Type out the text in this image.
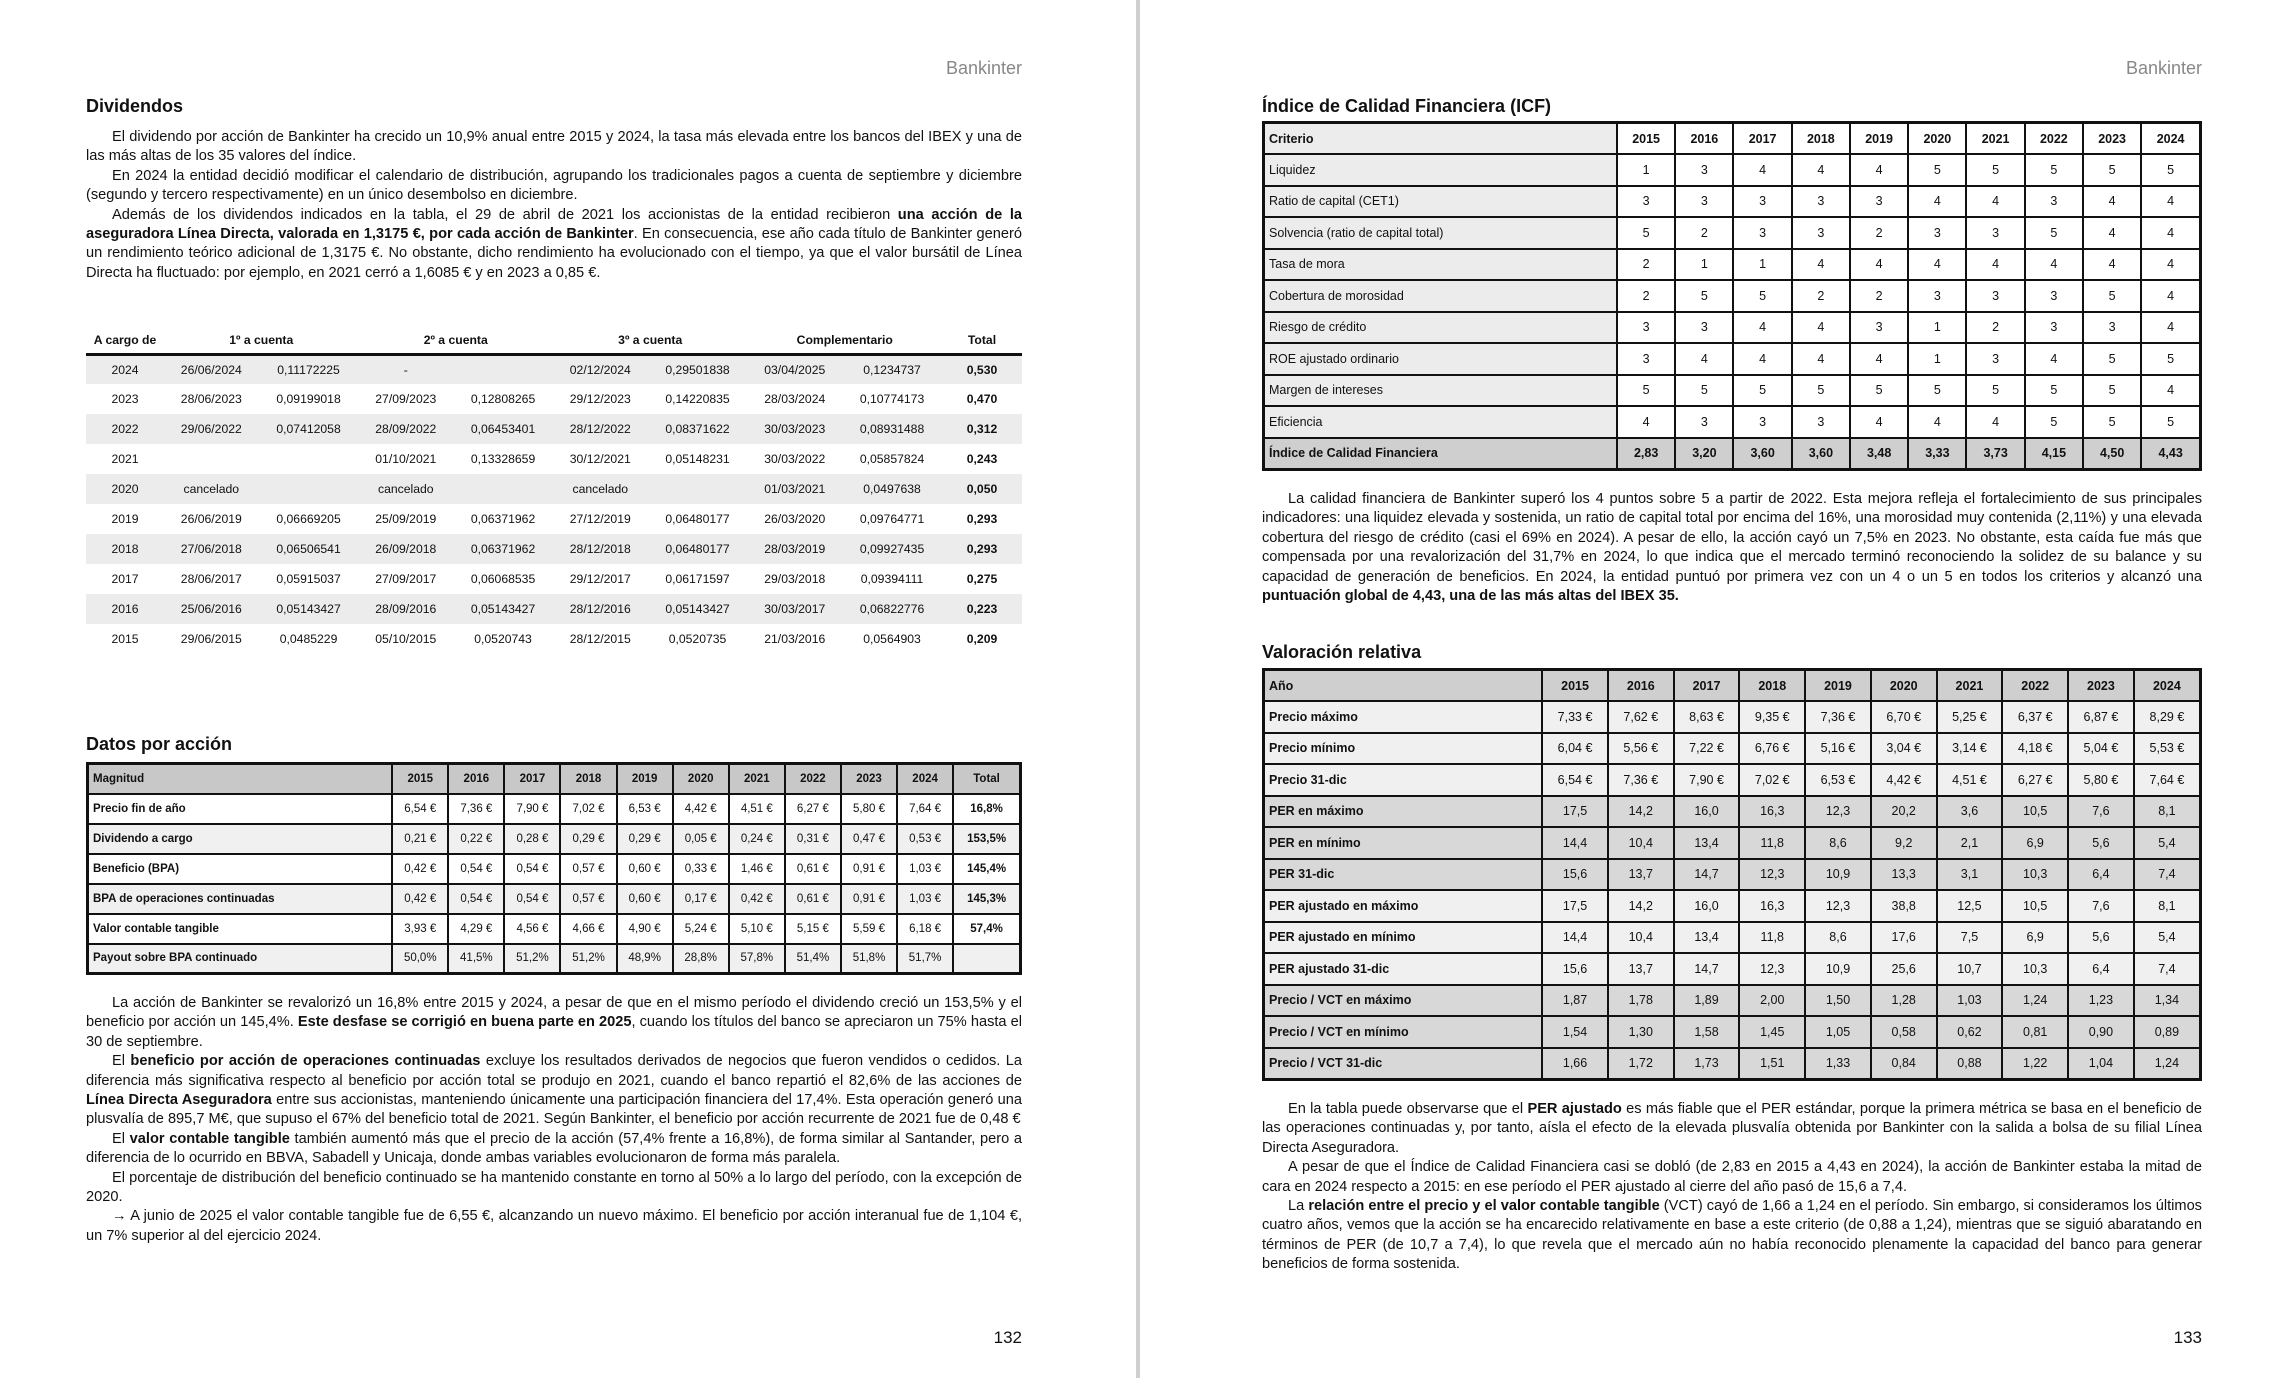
Bankinter
Dividendos

El dividendo por acción de Bankinter ha crecido un 10,9% anual entre 2015 y 2024, la tasa más elevada entre los bancos del IBEX y una de las más altas de los 35 valores del índice.

En 2024 la entidad decidió modificar el calendario de distribución, agrupando los tradicionales pagos a cuenta de septiembre y diciembre (segundo y tercero respectivamente) en un único desembolso en diciembre.

Además de los dividendos indicados en la tabla, el 29 de abril de 2021 los accionistas de la entidad recibieron una acción de la aseguradora Línea Directa, valorada en 1,3175 €, por cada acción de Bankinter. En consecuencia, ese año cada título de Bankinter generó un rendimiento teórico adicional de 1,3175 €. No obstante, dicho rendimiento ha evolucionado con el tiempo, ya que el valor bursátil de Línea Directa ha fluctuado: por ejemplo, en 2021 cerró a 1,6085 € y en 2023 a 0,85 €.

A cargo de	1º a cuenta		2º a cuenta		3º a cuenta		Complementario		Total
2024	26/06/2024	0,11172225	-		02/12/2024	0,29501838	03/04/2025	0,1234737	0,530
2023	28/06/2023	0,09199018	27/09/2023	0,12808265	29/12/2023	0,14220835	28/03/2024	0,10774173	0,470
2022	29/06/2022	0,07412058	28/09/2022	0,06453401	28/12/2022	0,08371622	30/03/2023	0,08931488	0,312
2021			01/10/2021	0,13328659	30/12/2021	0,05148231	30/03/2022	0,05857824	0,243
2020	cancelado		cancelado		cancelado		01/03/2021	0,0497638	0,050
2019	26/06/2019	0,06669205	25/09/2019	0,06371962	27/12/2019	0,06480177	26/03/2020	0,09764771	0,293
2018	27/06/2018	0,06506541	26/09/2018	0,06371962	28/12/2018	0,06480177	28/03/2019	0,09927435	0,293
2017	28/06/2017	0,05915037	27/09/2017	0,06068535	29/12/2017	0,06171597	29/03/2018	0,09394111	0,275
2016	25/06/2016	0,05143427	28/09/2016	0,05143427	28/12/2016	0,05143427	30/03/2017	0,06822776	0,223
2015	29/06/2015	0,0485229	05/10/2015	0,0520743	28/12/2015	0,0520735	21/03/2016	0,0564903	0,209
Datos por acción
Magnitud	2015	2016	2017	2018	2019	2020	2021	2022	2023	2024	Total
Precio fin de año	6,54 €	7,36 €	7,90 €	7,02 €	6,53 €	4,42 €	4,51 €	6,27 €	5,80 €	7,64 €	16,8%
Dividendo a cargo	0,21 €	0,22 €	0,28 €	0,29 €	0,29 €	0,05 €	0,24 €	0,31 €	0,47 €	0,53 €	153,5%
Beneficio (BPA)	0,42 €	0,54 €	0,54 €	0,57 €	0,60 €	0,33 €	1,46 €	0,61 €	0,91 €	1,03 €	145,4%
BPA de operaciones continuadas	0,42 €	0,54 €	0,54 €	0,57 €	0,60 €	0,17 €	0,42 €	0,61 €	0,91 €	1,03 €	145,3%
Valor contable tangible	3,93 €	4,29 €	4,56 €	4,66 €	4,90 €	5,24 €	5,10 €	5,15 €	5,59 €	6,18 €	57,4%
Payout sobre BPA continuado	50,0%	41,5%	51,2%	51,2%	48,9%	28,8%	57,8%	51,4%	51,8%	51,7%	

La acción de Bankinter se revalorizó un 16,8% entre 2015 y 2024, a pesar de que en el mismo período el dividendo creció un 153,5% y el beneficio por acción un 145,4%. Este desfase se corrigió en buena parte en 2025, cuando los títulos del banco se apreciaron un 75% hasta el 30 de septiembre.

El beneficio por acción de operaciones continuadas excluye los resultados derivados de negocios que fueron vendidos o cedidos. La diferencia más significativa respecto al beneficio por acción total se produjo en 2021, cuando el banco repartió el 82,6% de las acciones de Línea Directa Aseguradora entre sus accionistas, manteniendo únicamente una participación financiera del 17,4%. Esta operación generó una plusvalía de 895,7 M€, que supuso el 67% del beneficio total de 2021. Según Bankinter, el beneficio por acción recurrente de 2021 fue de 0,48 €

El valor contable tangible también aumentó más que el precio de la acción (57,4% frente a 16,8%), de forma similar al Santander, pero a diferencia de lo ocurrido en BBVA, Sabadell y Unicaja, donde ambas variables evolucionaron de forma más paralela.

El porcentaje de distribución del beneficio continuado se ha mantenido constante en torno al 50% a lo largo del período, con la excepción de 2020.

→ A junio de 2025 el valor contable tangible fue de 6,55 €, alcanzando un nuevo máximo. El beneficio por acción interanual fue de 1,104 €, un 7% superior al del ejercicio 2024.

132
Bankinter
Índice de Calidad Financiera (ICF)
133
Criterio	2015	2016	2017	2018	2019	2020	2021	2022	2023	2024
Liquidez	1	3	4	4	4	5	5	5	5	5
Ratio de capital (CET1)	3	3	3	3	3	4	4	3	4	4
Solvencia (ratio de capital total)	5	2	3	3	2	3	3	5	4	4
Tasa de mora	2	1	1	4	4	4	4	4	4	4
Cobertura de morosidad	2	5	5	2	2	3	3	3	5	4
Riesgo de crédito	3	3	4	4	3	1	2	3	3	4
ROE ajustado ordinario	3	4	4	4	4	1	3	4	5	5
Margen de intereses	5	5	5	5	5	5	5	5	5	4
Eficiencia	4	3	3	3	4	4	4	5	5	5
Índice de Calidad Financiera	2,83	3,20	3,60	3,60	3,48	3,33	3,73	4,15	4,50	4,43

La calidad financiera de Bankinter superó los 4 puntos sobre 5 a partir de 2022. Esta mejora refleja el fortalecimiento de sus principales indicadores: una liquidez elevada y sostenida, un ratio de capital total por encima del 16%, una morosidad muy contenida (2,11%) y una elevada cobertura del riesgo de crédito (casi el 69% en 2024). A pesar de ello, la acción cayó un 7,5% en 2023. No obstante, esta caída fue más que compensada por una revalorización del 31,7% en 2024, lo que indica que el mercado terminó reconociendo la solidez de su balance y su capacidad de generación de beneficios. En 2024, la entidad puntuó por primera vez con un 4 o un 5 en todos los criterios y alcanzó una puntuación global de 4,43, una de las más altas del IBEX 35.

Valoración relativa
Año	2015	2016	2017	2018	2019	2020	2021	2022	2023	2024
Precio máximo	7,33 €	7,62 €	8,63 €	9,35 €	7,36 €	6,70 €	5,25 €	6,37 €	6,87 €	8,29 €
Precio mínimo	6,04 €	5,56 €	7,22 €	6,76 €	5,16 €	3,04 €	3,14 €	4,18 €	5,04 €	5,53 €
Precio 31-dic	6,54 €	7,36 €	7,90 €	7,02 €	6,53 €	4,42 €	4,51 €	6,27 €	5,80 €	7,64 €
PER en máximo	17,5	14,2	16,0	16,3	12,3	20,2	3,6	10,5	7,6	8,1
PER en mínimo	14,4	10,4	13,4	11,8	8,6	9,2	2,1	6,9	5,6	5,4
PER 31-dic	15,6	13,7	14,7	12,3	10,9	13,3	3,1	10,3	6,4	7,4
PER ajustado en máximo	17,5	14,2	16,0	16,3	12,3	38,8	12,5	10,5	7,6	8,1
PER ajustado en mínimo	14,4	10,4	13,4	11,8	8,6	17,6	7,5	6,9	5,6	5,4
PER ajustado 31-dic	15,6	13,7	14,7	12,3	10,9	25,6	10,7	10,3	6,4	7,4
Precio / VCT en máximo	1,87	1,78	1,89	2,00	1,50	1,28	1,03	1,24	1,23	1,34
Precio / VCT en mínimo	1,54	1,30	1,58	1,45	1,05	0,58	0,62	0,81	0,90	0,89
Precio / VCT 31-dic	1,66	1,72	1,73	1,51	1,33	0,84	0,88	1,22	1,04	1,24

En la tabla puede observarse que el PER ajustado es más fiable que el PER estándar, porque la primera métrica se basa en el beneficio de las operaciones continuadas y, por tanto, aísla el efecto de la elevada plusvalía obtenida por Bankinter con la salida a bolsa de su filial Línea Directa Aseguradora.

A pesar de que el Índice de Calidad Financiera casi se dobló (de 2,83 en 2015 a 4,43 en 2024), la acción de Bankinter estaba la mitad de cara en 2024 respecto a 2015: en ese período el PER ajustado al cierre del año pasó de 15,6 a 7,4.

La relación entre el precio y el valor contable tangible (VCT) cayó de 1,66 a 1,24 en el período. Sin embargo, si consideramos los últimos cuatro años, vemos que la acción se ha encarecido relativamente en base a este criterio (de 0,88 a 1,24), mientras que se siguió abaratando en términos de PER (de 10,7 a 7,4), lo que revela que el mercado aún no había reconocido plenamente la capacidad del banco para generar beneficios de forma sostenida.
